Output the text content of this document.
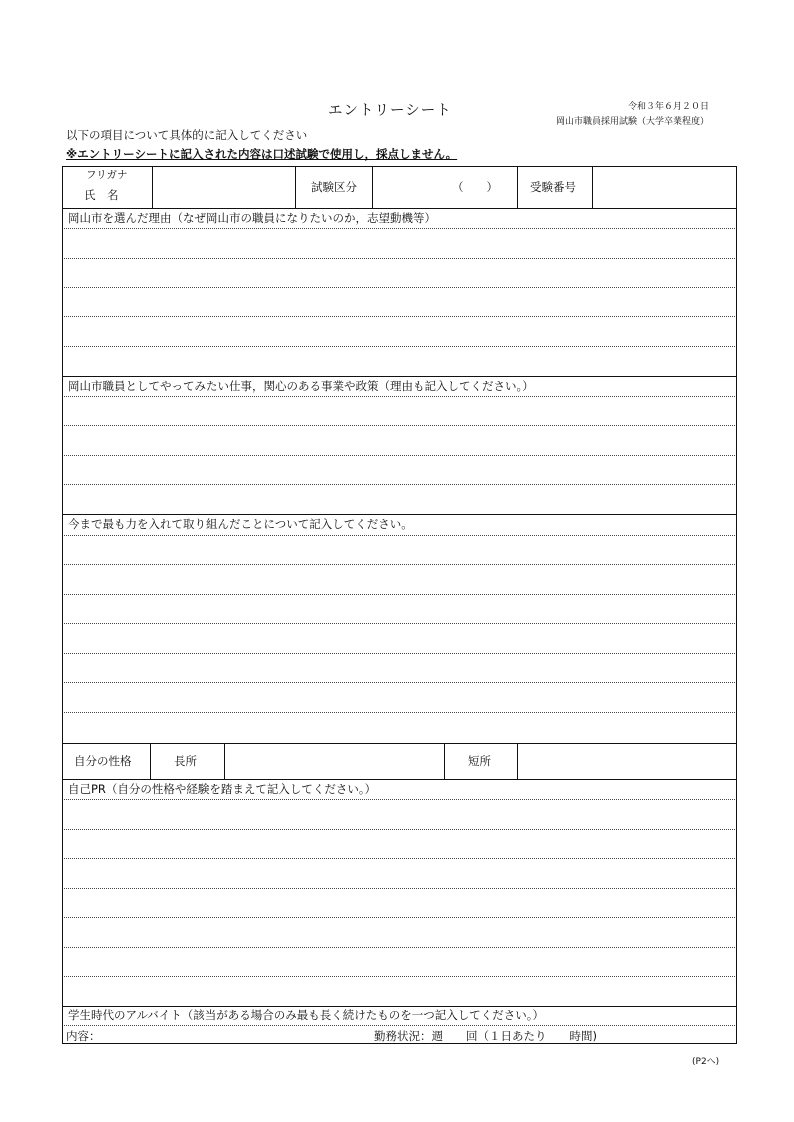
令和３年６月２０日
岡山市職員採用試験（大学卒業程度）
エントリーシート
以下の項目について具体的に記入してください
※エントリーシートに記入された内容は口述試験で使用し，採点しません。
フリガナ
氏　名
試験区分	（　　）	受験番号
岡山市を選んだ理由（なぜ岡山市の職員になりたいのか，志望動機等）
岡山市職員としてやってみたい仕事，関心のある事業や政策（理由も記入してください。）
今まで最も力を入れて取り組んだことについて記入してください。
自分の性格	長所	短所
自己PR（自分の性格や経験を踏まえて記入してください。）
学生時代のアルバイト（該当がある場合のみ最も長く続けたものを一つ記入してください。）
内容：	勤務状況：週　　回（１日あたり　　時間)
(P2へ)
